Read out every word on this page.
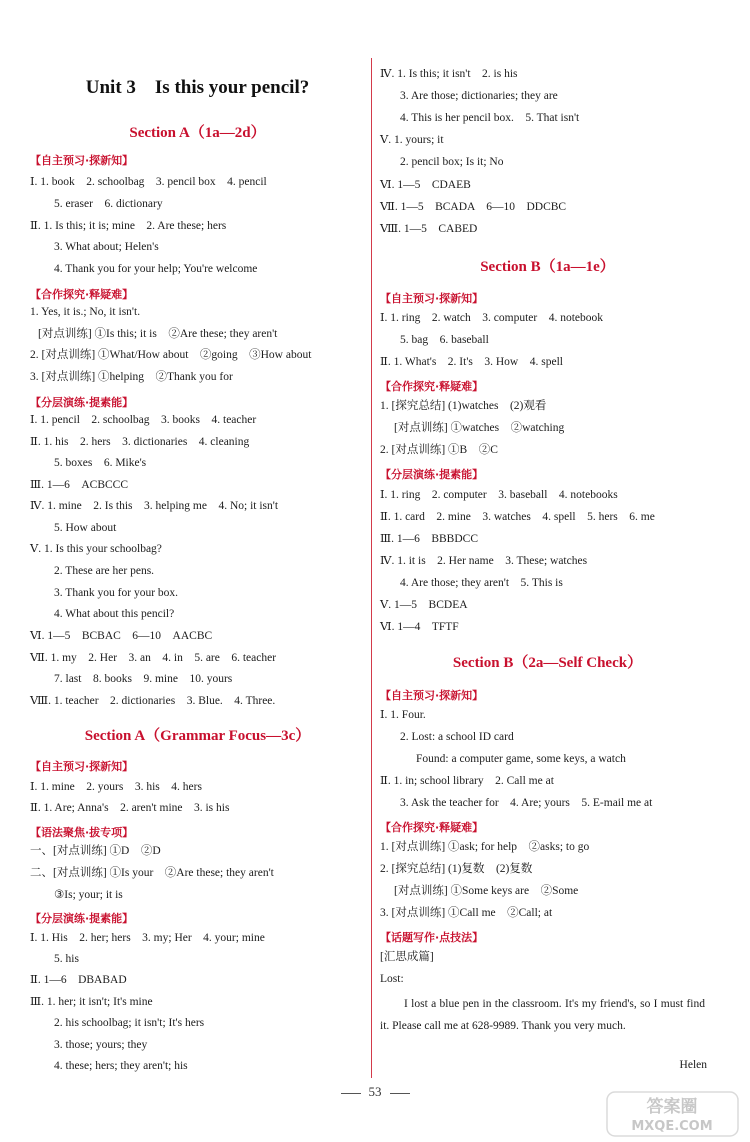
Unit 3　Is this your pencil?
Section A（1a—2d）
【自主预习·探新知】
Ⅰ. 1. book　2. schoolbag　3. pencil box　4. pencil
5. eraser　6. dictionary
Ⅱ. 1. Is this; it is; mine　2. Are these; hers
3. What about; Helen's
4. Thank you for your help; You're welcome
【合作探究·释疑难】
1. Yes, it is.; No, it isn't.
[对点训练] ①Is this; it is　②Are these; they aren't
2. [对点训练] ①What/How about　②going　③How about
3. [对点训练] ①helping　②Thank you for
【分层演练·提素能】
Ⅰ. 1. pencil　2. schoolbag　3. books　4. teacher
Ⅱ. 1. his　2. hers　3. dictionaries　4. cleaning
5. boxes　6. Mike's
Ⅲ. 1—6　ACBCCC
Ⅳ. 1. mine　2. Is this　3. helping me　4. No; it isn't
5. How about
Ⅴ. 1. Is this your schoolbag?
2. These are her pens.
3. Thank you for your box.
4. What about this pencil?
Ⅵ. 1—5　BCBAC　6—10　AACBC
Ⅶ. 1. my　2. Her　3. an　4. in　5. are　6. teacher
7. last　8. books　9. mine　10. yours
Ⅷ. 1. teacher　2. dictionaries　3. Blue.　4. Three.
Section A（Grammar Focus—3c）
【自主预习·探新知】
Ⅰ. 1. mine　2. yours　3. his　4. hers
Ⅱ. 1. Are; Anna's　2. aren't mine　3. is his
【语法聚焦·拔专项】
一、[对点训练] ①D　②D
二、[对点训练] ①Is your　②Are these; they aren't
③Is; your; it is
【分层演练·提素能】
Ⅰ. 1. His　2. her; hers　3. my; Her　4. your; mine
5. his
Ⅱ. 1—6　DBABAD
Ⅲ. 1. her; it isn't; It's mine
2. his schoolbag; it isn't; It's hers
3. those; yours; they
4. these; hers; they aren't; his
Ⅳ. 1. Is this; it isn't　2. is his
3. Are those; dictionaries; they are
4. This is her pencil box.　5. That isn't
Ⅴ. 1. yours; it
2. pencil box; Is it; No
Ⅵ. 1—5　CDAEB
Ⅶ. 1—5　BCADA　6—10　DDCBC
Ⅷ. 1—5　CABED
Section B（1a—1e）
【自主预习·探新知】
Ⅰ. 1. ring　2. watch　3. computer　4. notebook
5. bag　6. baseball
Ⅱ. 1. What's　2. It's　3. How　4. spell
【合作探究·释疑难】
1. [探究总结] (1)watches　(2)观看
[对点训练] ①watches　②watching
2. [对点训练] ①B　②C
【分层演练·提素能】
Ⅰ. 1. ring　2. computer　3. baseball　4. notebooks
Ⅱ. 1. card　2. mine　3. watches　4. spell　5. hers　6. me
Ⅲ. 1—6　BBBDCC
Ⅳ. 1. it is　2. Her name　3. These; watches
4. Are those; they aren't　5. This is
Ⅴ. 1—5　BCDEA
Ⅵ. 1—4　TFTF
Section B（2a—Self Check）
【自主预习·探新知】
Ⅰ. 1. Four.
2. Lost: a school ID card
Found: a computer game, some keys, a watch
Ⅱ. 1. in; school library　2. Call me at
3. Ask the teacher for　4. Are; yours　5. E-mail me at
【合作探究·释疑难】
1. [对点训练] ①ask; for help　②asks; to go
2. [探究总结] (1)复数　(2)复数
[对点训练] ①Some keys are　②Some
3. [对点训练] ①Call me　②Call; at
【话题写作·点技法】
[汇思成篇]
Lost:
I lost a blue pen in the classroom. It's my friend's, so I must find it. Please call me at 628-9989. Thank you very much.
Helen
53
答案圈
MXQE.COM
